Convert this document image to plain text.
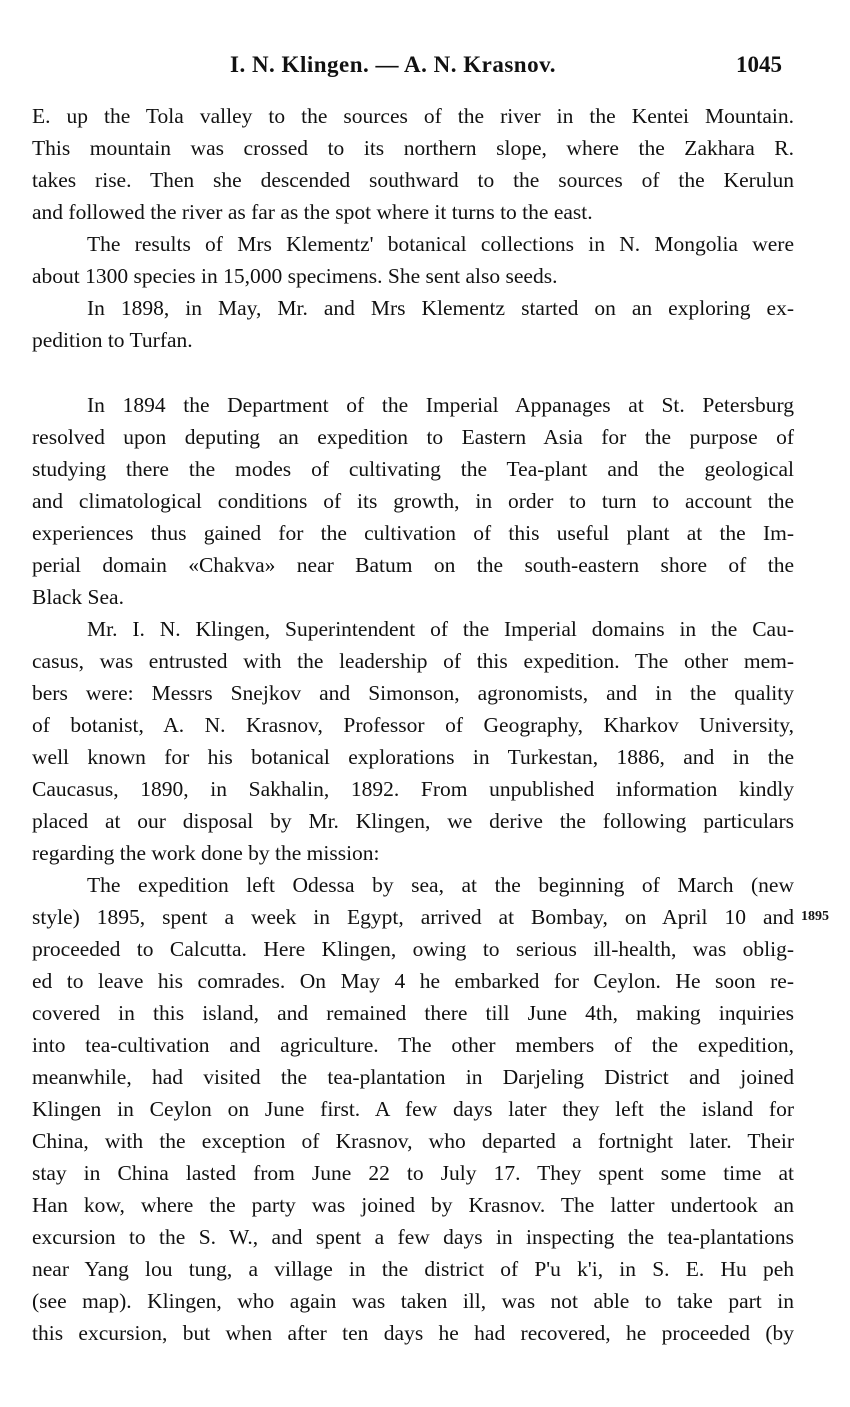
I. N. Klingen. — A. N. Krasnov.	1045
E. up the Tola valley to the sources of the river in the Kentei Mountain.
This mountain was crossed to its northern slope, where the Zakhara R.
takes rise. Then she descended southward to the sources of the Kerulun
and followed the river as far as the spot where it turns to the east.
The results of Mrs Klementz' botanical collections in N. Mongolia were
about 1300 species in 15,000 specimens. She sent also seeds.
In 1898, in May, Mr. and Mrs Klementz started on an exploring ex-
pedition to Turfan.
In 1894 the Department of the Imperial Appanages at St. Petersburg
resolved upon deputing an expedition to Eastern Asia for the purpose of
studying there the modes of cultivating the Tea-plant and the geological
and climatological conditions of its growth, in order to turn to account the
experiences thus gained for the cultivation of this useful plant at the Im-
perial domain «Chakva» near Batum on the south-eastern shore of the
Black Sea.
Mr. I. N. Klingen, Superintendent of the Imperial domains in the Cau-
casus, was entrusted with the leadership of this expedition. The other mem-
bers were: Messrs Snejkov and Simonson, agronomists, and in the quality
of botanist, A. N. Krasnov, Professor of Geography, Kharkov University,
well known for his botanical explorations in Turkestan, 1886, and in the
Caucasus, 1890, in Sakhalin, 1892. From unpublished information kindly
placed at our disposal by Mr. Klingen, we derive the following particulars
regarding the work done by the mission:
The expedition left Odessa by sea, at the beginning of March (new
style) 1895, spent a week in Egypt, arrived at Bombay, on April 10 and
proceeded to Calcutta. Here Klingen, owing to serious ill-health, was oblig-
ed to leave his comrades. On May 4 he embarked for Ceylon. He soon re-
covered in this island, and remained there till June 4th, making inquiries
into tea-cultivation and agriculture. The other members of the expedition,
meanwhile, had visited the tea-plantation in Darjeling District and joined
Klingen in Ceylon on June first. A few days later they left the island for
China, with the exception of Krasnov, who departed a fortnight later. Their
stay in China lasted from June 22 to July 17. They spent some time at
Han kow, where the party was joined by Krasnov. The latter undertook an
excursion to the S. W., and spent a few days in inspecting the tea-plantations
near Yang lou tung, a village in the district of P'u k'i, in S. E. Hu peh
(see map). Klingen, who again was taken ill, was not able to take part in
this excursion, but when after ten days he had recovered, he proceeded (by
1895
